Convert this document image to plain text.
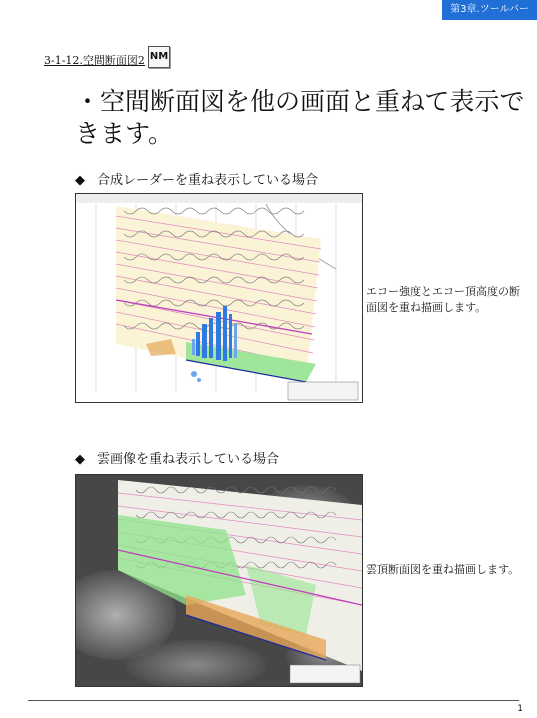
第3章.ツールバー
3-1-12.空間断面図2 NM
・空間断面図を他の画面と重ねて表示できます。
◆ 合成レーダーを重ね表示している場合
エコー強度とエコー頂高度の断面図を重ね描画します。
◆ 雲画像を重ね表示している場合
雲頂断面図を重ね描画します。
1
